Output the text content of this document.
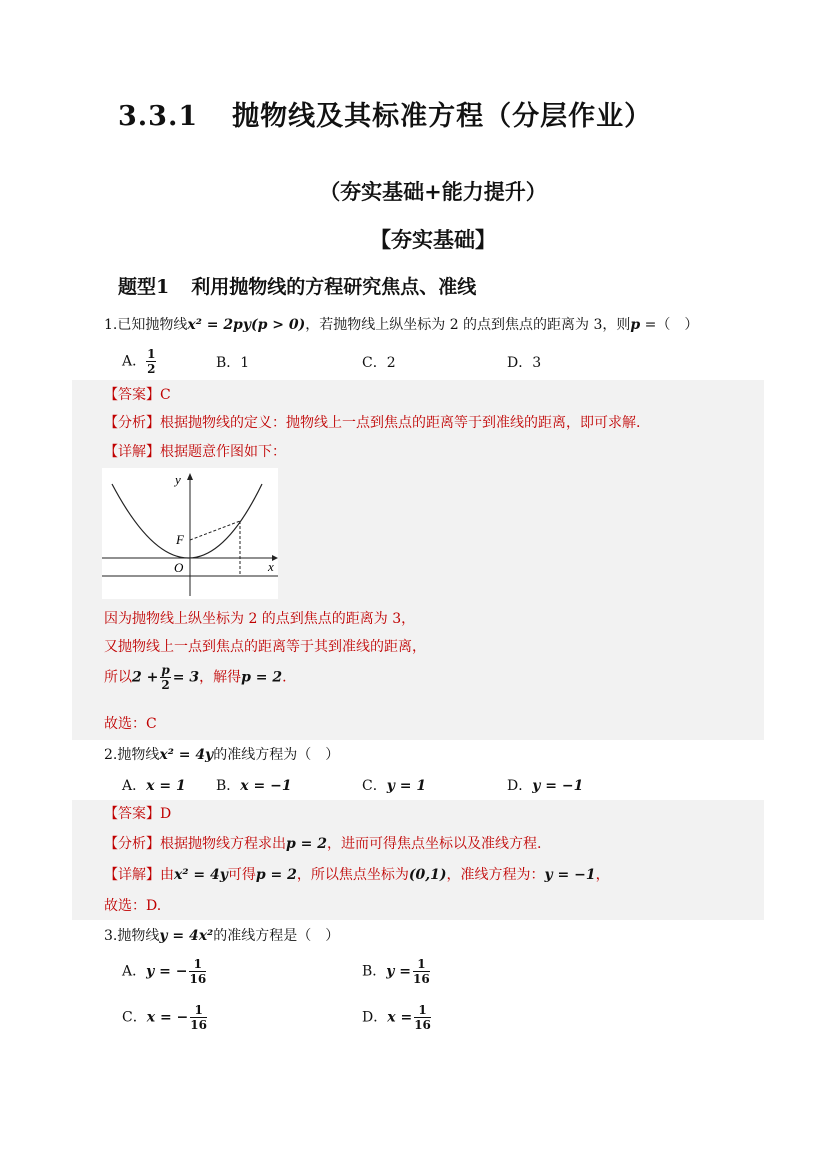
3.3.1 抛物线及其标准方程（分层作业）
（夯实基础+能力提升）
【夯实基础】
题型1 利用抛物线的方程研究焦点、准线
1.已知抛物线x² = 2py(p > 0)，若抛物线上纵坐标为 2 的点到焦点的距离为 3，则p =（　）
A． $\frac{1}{2}$	B．1	C．2	D．3
【答案】C
【分析】根据抛物线的定义：抛物线上一点到焦点的距离等于到准线的距离，即可求解.
【详解】根据题意作图如下：
y
x
F
O
因为抛物线上纵坐标为 2 的点到焦点的距离为 3，
又抛物线上一点到焦点的距离等于其到准线的距离，
所以$2 + \frac{p}{2} = 3$，解得p = 2.
故选：C
2.抛物线x² = 4y的准线方程为（　）
A．x = 1 B．x = −1	C．y = 1	D．y = −1
【答案】D
【分析】根据抛物线方程求出p = 2，进而可得焦点坐标以及准线方程.
【详解】由x² = 4y可得p = 2，所以焦点坐标为(0,1)，准线方程为：y = −1，
故选：D.
3.抛物线y = 4x²的准线方程是（　）
A．y = − $\frac{1}{16}$	B．$y = \frac{1}{16}$
C．x = − $\frac{1}{16}$	D．$x = \frac{1}{16}$
